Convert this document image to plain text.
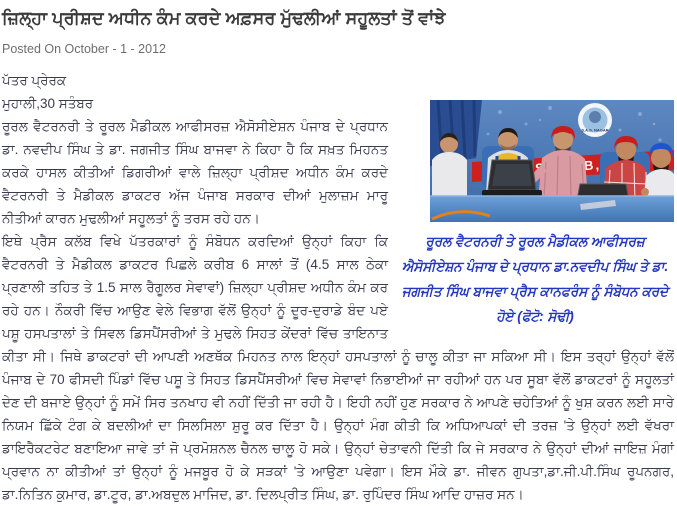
ਜ਼ਿਲ੍ਹਾ ਪ੍ਰੀਸ਼ਦ ਅਧੀਨ ਕੰਮ ਕਰਦੇ ਅਫ਼ਸਰ ਮੁੱਢਲੀਆਂ ਸਹੂਲਤਾਂ ਤੋਂ ਵਾਂਝੇ
Posted On October - 1 - 2012
S.A.S. NAGAR
ਰੂਰਲ ਵੈਟਰਨਰੀ ਤੇ ਰੂਰਲ ਮੈਡੀਕਲ ਆਫੀਸਰਜ਼ ਐਸੋਸੀਏਸ਼ਨ ਪੰਜਾਬ ਦੇ ਪ੍ਰਧਾਨ ਡਾ.ਨਵਦੀਪ ਸਿੰਘ ਤੇ ਡਾ. ਜਗਜੀਤ ਸਿੰਘ ਬਾਜਵਾ ਪ੍ਰੈਸ ਕਾਨਫਰੰਸ ਨੂੰ ਸੰਬੋਧਨ ਕਰਦੇ ਹੋਏ (ਫੋਟੋ: ਸੋਢੀ)

ਪੱਤਰ ਪ੍ਰੇਰਕ

ਮੁਹਾਲੀ,30 ਸਤੰਬਰ

ਰੂਰਲ ਵੈਟਰਨਰੀ ਤੇ ਰੂਰਲ ਮੈਡੀਕਲ ਆਫੀਸਰਜ਼ ਐਸੋਸੀਏਸ਼ਨ ਪੰਜਾਬ ਦੇ ਪ੍ਰਧਾਨ ਡਾ. ਨਵਦੀਪ ਸਿੰਘ ਤੇ ਡਾ. ਜਗਜੀਤ ਸਿੰਘ ਬਾਜਵਾ ਨੇ ਕਿਹਾ ਹੈ ਕਿ ਸਖ਼ਤ ਮਿਹਨਤ ਕਰਕੇ ਹਾਸਲ ਕੀਤੀਆਂ ਡਿਗਰੀਆਂ ਵਾਲੇ ਜ਼ਿਲ੍ਹਾ ਪ੍ਰੀਸ਼ਦ ਅਧੀਨ ਕੰਮ ਕਰਦੇ ਵੈਟਰਨਰੀ ਤੇ ਮੈਡੀਕਲ ਡਾਕਟਰ ਅੱਜ ਪੰਜਾਬ ਸਰਕਾਰ ਦੀਆਂ ਮੁਲਾਜ਼ਮ ਮਾਰੂ ਨੀਤੀਆਂ ਕਾਰਨ ਮੁਢਲੀਆਂ ਸਹੂਲਤਾਂ ਨੂੰ ਤਰਸ ਰਹੇ ਹਨ।

ਇਥੇ ਪ੍ਰੈਸ ਕਲੱਬ ਵਿਖੇ ਪੱਤਰਕਾਰਾਂ ਨੂੰ ਸੰਬੋਧਨ ਕਰਦਿਆਂ ਉਨ੍ਹਾਂ ਕਿਹਾ ਕਿ ਵੈਟਰਨਰੀ ਤੇ ਮੈਡੀਕਲ ਡਾਕਟਰ ਪਿਛਲੇ ਕਰੀਬ 6 ਸਾਲਾਂ ਤੋਂ (4.5 ਸਾਲ ਠੇਕਾ ਪ੍ਰਣਾਲੀ ਤਹਿਤ ਤੇ 1.5 ਸਾਲ ਰੈਗੂਲਰ ਸੇਵਾਵਾਂ) ਜ਼ਿਲ੍ਹਾ ਪ੍ਰੀਸ਼ਦ ਅਧੀਨ ਕੰਮ ਕਰ ਰਹੇ ਹਨ। ਨੌਕਰੀ ਵਿੱਚ ਆਉਣ ਵੇਲੇ ਵਿਭਾਗ ਵੱਲੋਂ ਉਨ੍ਹਾਂ ਨੂੰ ਦੂਰ-ਦੁਰਾਡੇ ਬੰਦ ਪਏ ਪਸ਼ੂ ਹਸਪਤਾਲਾਂ ਤੇ ਸਿਵਲ ਡਿਸਪੈਂਸਰੀਆਂ ਤੇ ਮੁਢਲੇ ਸਿਹਤ ਕੇਂਦਰਾਂ ਵਿੱਚ ਤਾਇਨਾਤ ਕੀਤਾ ਸੀ। ਜਿਥੇ ਡਾਕਟਰਾਂ ਦੀ ਆਪਣੀ ਅਣਥੱਕ ਮਿਹਨਤ ਨਾਲ ਇਨ੍ਹਾਂ ਹਸਪਤਾਲਾਂ ਨੂੰ ਚਾਲੂ ਕੀਤਾ ਜਾ ਸਕਿਆ ਸੀ। ਇਸ ਤਰ੍ਹਾਂ ਉਨ੍ਹਾਂ ਵੱਲੋਂ ਪੰਜਾਬ ਦੇ 70 ਫੀਸਦੀ ਪਿੰਡਾਂ ਵਿੱਚ ਪਸ਼ੂ ਤੇ ਸਿਹਤ ਡਿਸਪੈਂਸਰੀਆਂ ਵਿਚ ਸੇਵਾਵਾਂ ਨਿਭਾਈਆਂ ਜਾ ਰਹੀਆਂ ਹਨ ਪਰ ਸੂਬਾ ਵੱਲੋਂ ਡਾਕਟਰਾਂ ਨੂੰ ਸਹੂਲਤਾਂ ਦੇਣ ਦੀ ਬਜਾਏ ਉਨ੍ਹਾਂ ਨੂੰ ਸਮੇਂ ਸਿਰ ਤਨਖਾਹ ਵੀ ਨਹੀਂ ਦਿੱਤੀ ਜਾ ਰਹੀ ਹੈ। ਇਹੀ ਨਹੀਂ ਹੁਣ ਸਰਕਾਰ ਨੇ ਆਪਣੇ ਚਹੇਤਿਆਂ ਨੂੰ ਖੁਸ਼ ਕਰਨ ਲਈ ਸਾਰੇ ਨਿਯਮ ਛਿੱਕੇ ਟੰਗ ਕੇ ਬਦਲੀਆਂ ਦਾ ਸਿਲਸਿਲਾ ਸ਼ੁਰੂ ਕਰ ਦਿੱਤਾ ਹੈ। ਉਨ੍ਹਾਂ ਮੰਗ ਕੀਤੀ ਕਿ ਅਧਿਆਪਕਾਂ ਦੀ ਤਰਜ਼ 'ਤੇ ਉਨ੍ਹਾਂ ਲਈ ਵੱਖਰਾ ਡਾਇਰੈਕਟਰੇਟ ਬਣਾਇਆ ਜਾਵੇ ਤਾਂ ਜੋ ਪ੍ਰਮੋਸ਼ਨਲ ਚੈਨਲ ਚਾਲੂ ਹੋ ਸਕੇ। ਉਨ੍ਹਾਂ ਚੇਤਾਵਨੀ ਦਿੱਤੀ ਕਿ ਜੇ ਸਰਕਾਰ ਨੇ ਉਨ੍ਹਾਂ ਦੀਆਂ ਜਾਇਜ਼ ਮੰਗਾਂ ਪ੍ਰਵਾਨ ਨਾ ਕੀਤੀਆਂ ਤਾਂ ਉਨ੍ਹਾਂ ਨੂੰ ਮਜਬੂਰ ਹੋ ਕੇ ਸੜਕਾਂ 'ਤੇ ਆਉਣਾ ਪਵੇਗਾ। ਇਸ ਮੌਕੇ ਡਾ. ਜੀਵਨ ਗੁਪਤਾ,ਡਾ.ਜੀ.ਪੀ.ਸਿੰਘ ਰੂਪਨਗਰ, ਡਾ.ਨਿਤਿਨ ਕੁਮਾਰ, ਡਾ.ਟੂਰ, ਡਾ.ਅਬਦੁਲ ਮਾਜਿਦ, ਡਾ. ਦਿਲਪ੍ਰੀਤ ਸਿੰਘ, ਡਾ. ਰੁਪਿੰਦਰ ਸਿੰਘ ਆਦਿ ਹਾਜ਼ਰ ਸਨ।
